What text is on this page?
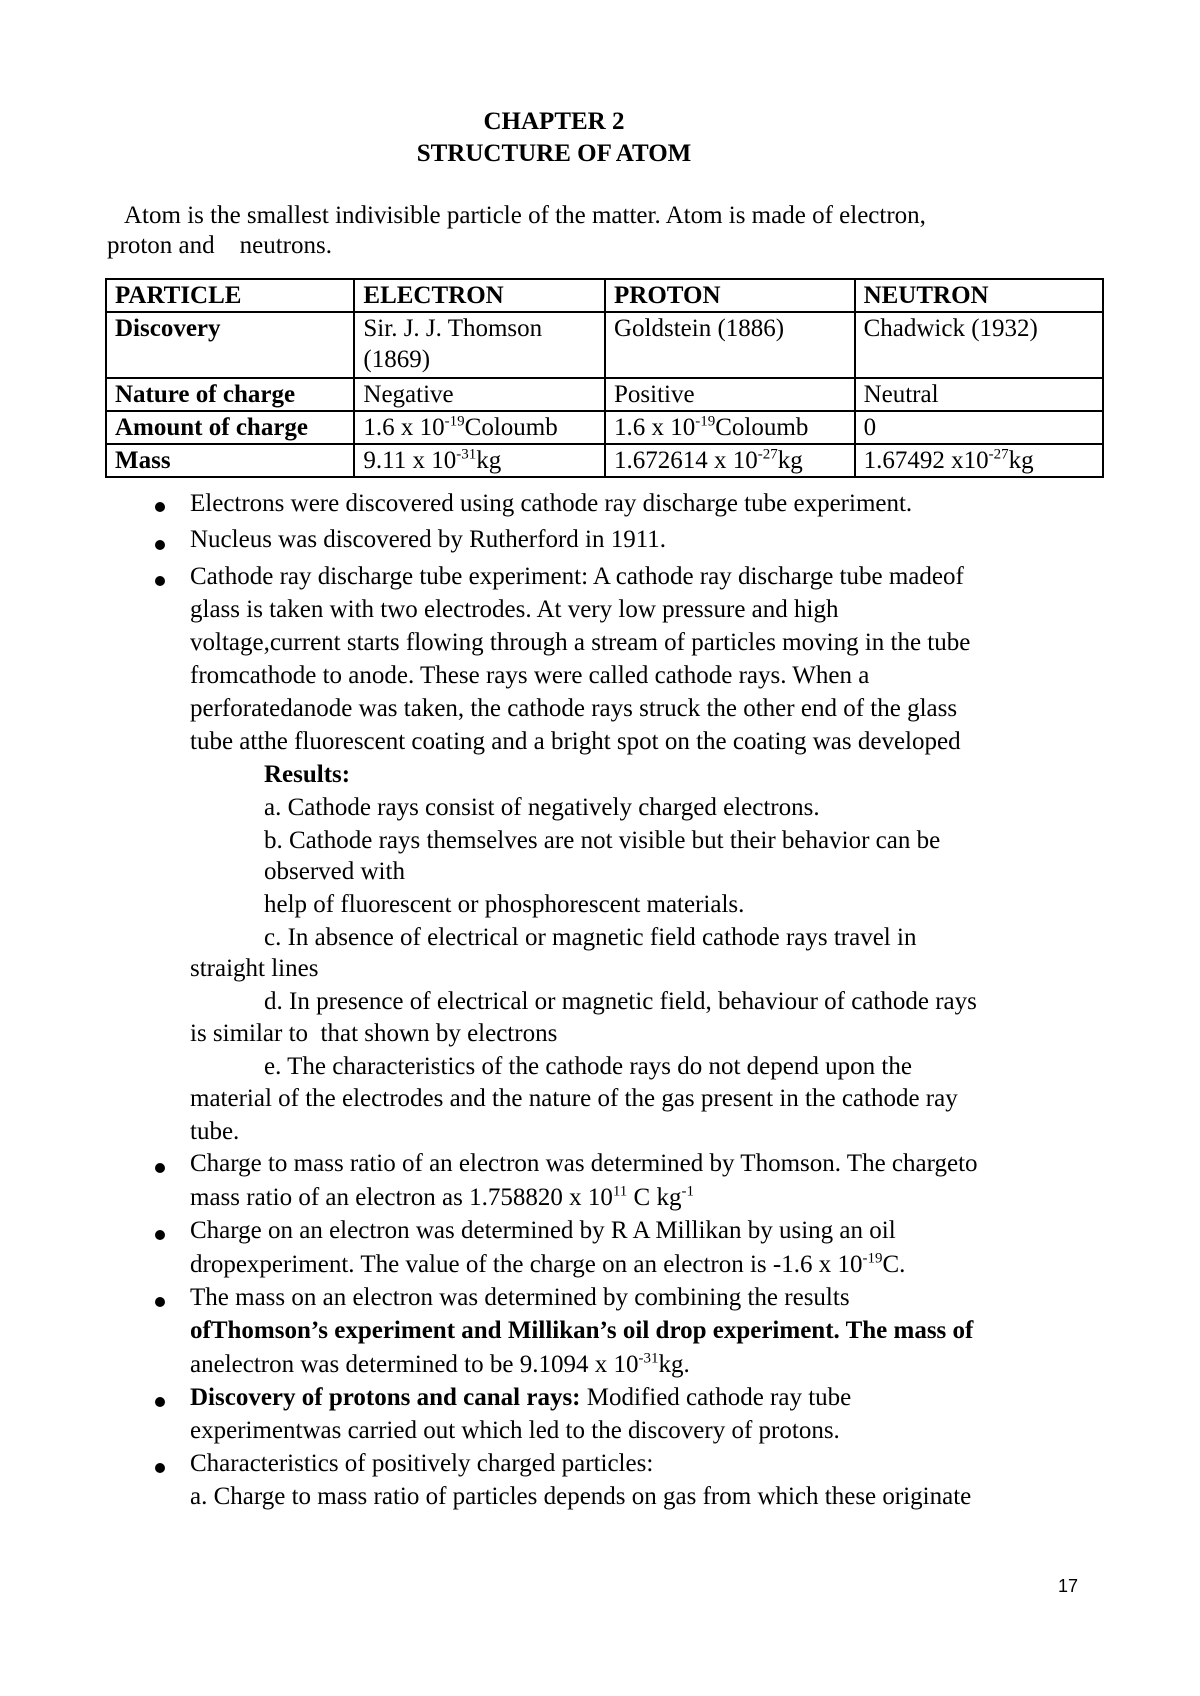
CHAPTER 2
STRUCTURE OF ATOM
Atom is the smallest indivisible particle of the matter. Atom is made of electron,
proton and    neutrons.
PARTICLE	ELECTRON	PROTON	NEUTRON
Discovery	Sir. J. J. Thomson (1869)	Goldstein (1886)	Chadwick (1932)
Nature of charge	Negative	Positive	Neutral
Amount of charge	1.6 x $10^{-19}Coloumb$	1.6 x $10^{-19}Coloumb$	0
Mass	9.11 x $10^{-31}kg$	1.672614 x $10^{-27}kg$	1.67492 $x10^{-27}kg$
Electrons were discovered using cathode ray discharge tube experiment.
Nucleus was discovered by Rutherford in 1911.
Cathode ray discharge tube experiment: A cathode ray discharge tube madeof
glass is taken with two electrodes. At very low pressure and high
voltage,current starts flowing through a stream of particles moving in the tube
fromcathode to anode. These rays were called cathode rays. When a
perforatedanode was taken, the cathode rays struck the other end of the glass
tube atthe fluorescent coating and a bright spot on the coating was developed
Results:
a. Cathode rays consist of negatively charged electrons.
b. Cathode rays themselves are not visible but their behavior can be
observed with
help of fluorescent or phosphorescent materials.
c. In absence of electrical or magnetic field cathode rays travel in
straight lines
d. In presence of electrical or magnetic field, behaviour of cathode rays
is similar to  that shown by electrons
e. The characteristics of the cathode rays do not depend upon the
material of the electrodes and the nature of the gas present in the cathode ray
tube.
Charge to mass ratio of an electron was determined by Thomson. The chargeto
mass ratio of an electron as 1.758820 x $10^{11}$ C $kg^{-1}$
Charge on an electron was determined by R A Millikan by using an oil
dropexperiment. The value of the charge on an electron is -1.6 x $10^{-19}C$.
The mass on an electron was determined by combining the results
ofThomson’s experiment and Millikan’s oil drop experiment. The mass of
anelectron was determined to be 9.1094 x $10^{-31}kg$.
Discovery of protons and canal rays: Modified cathode ray tube
experimentwas carried out which led to the discovery of protons.
Characteristics of positively charged particles:
a. Charge to mass ratio of particles depends on gas from which these originate
17
